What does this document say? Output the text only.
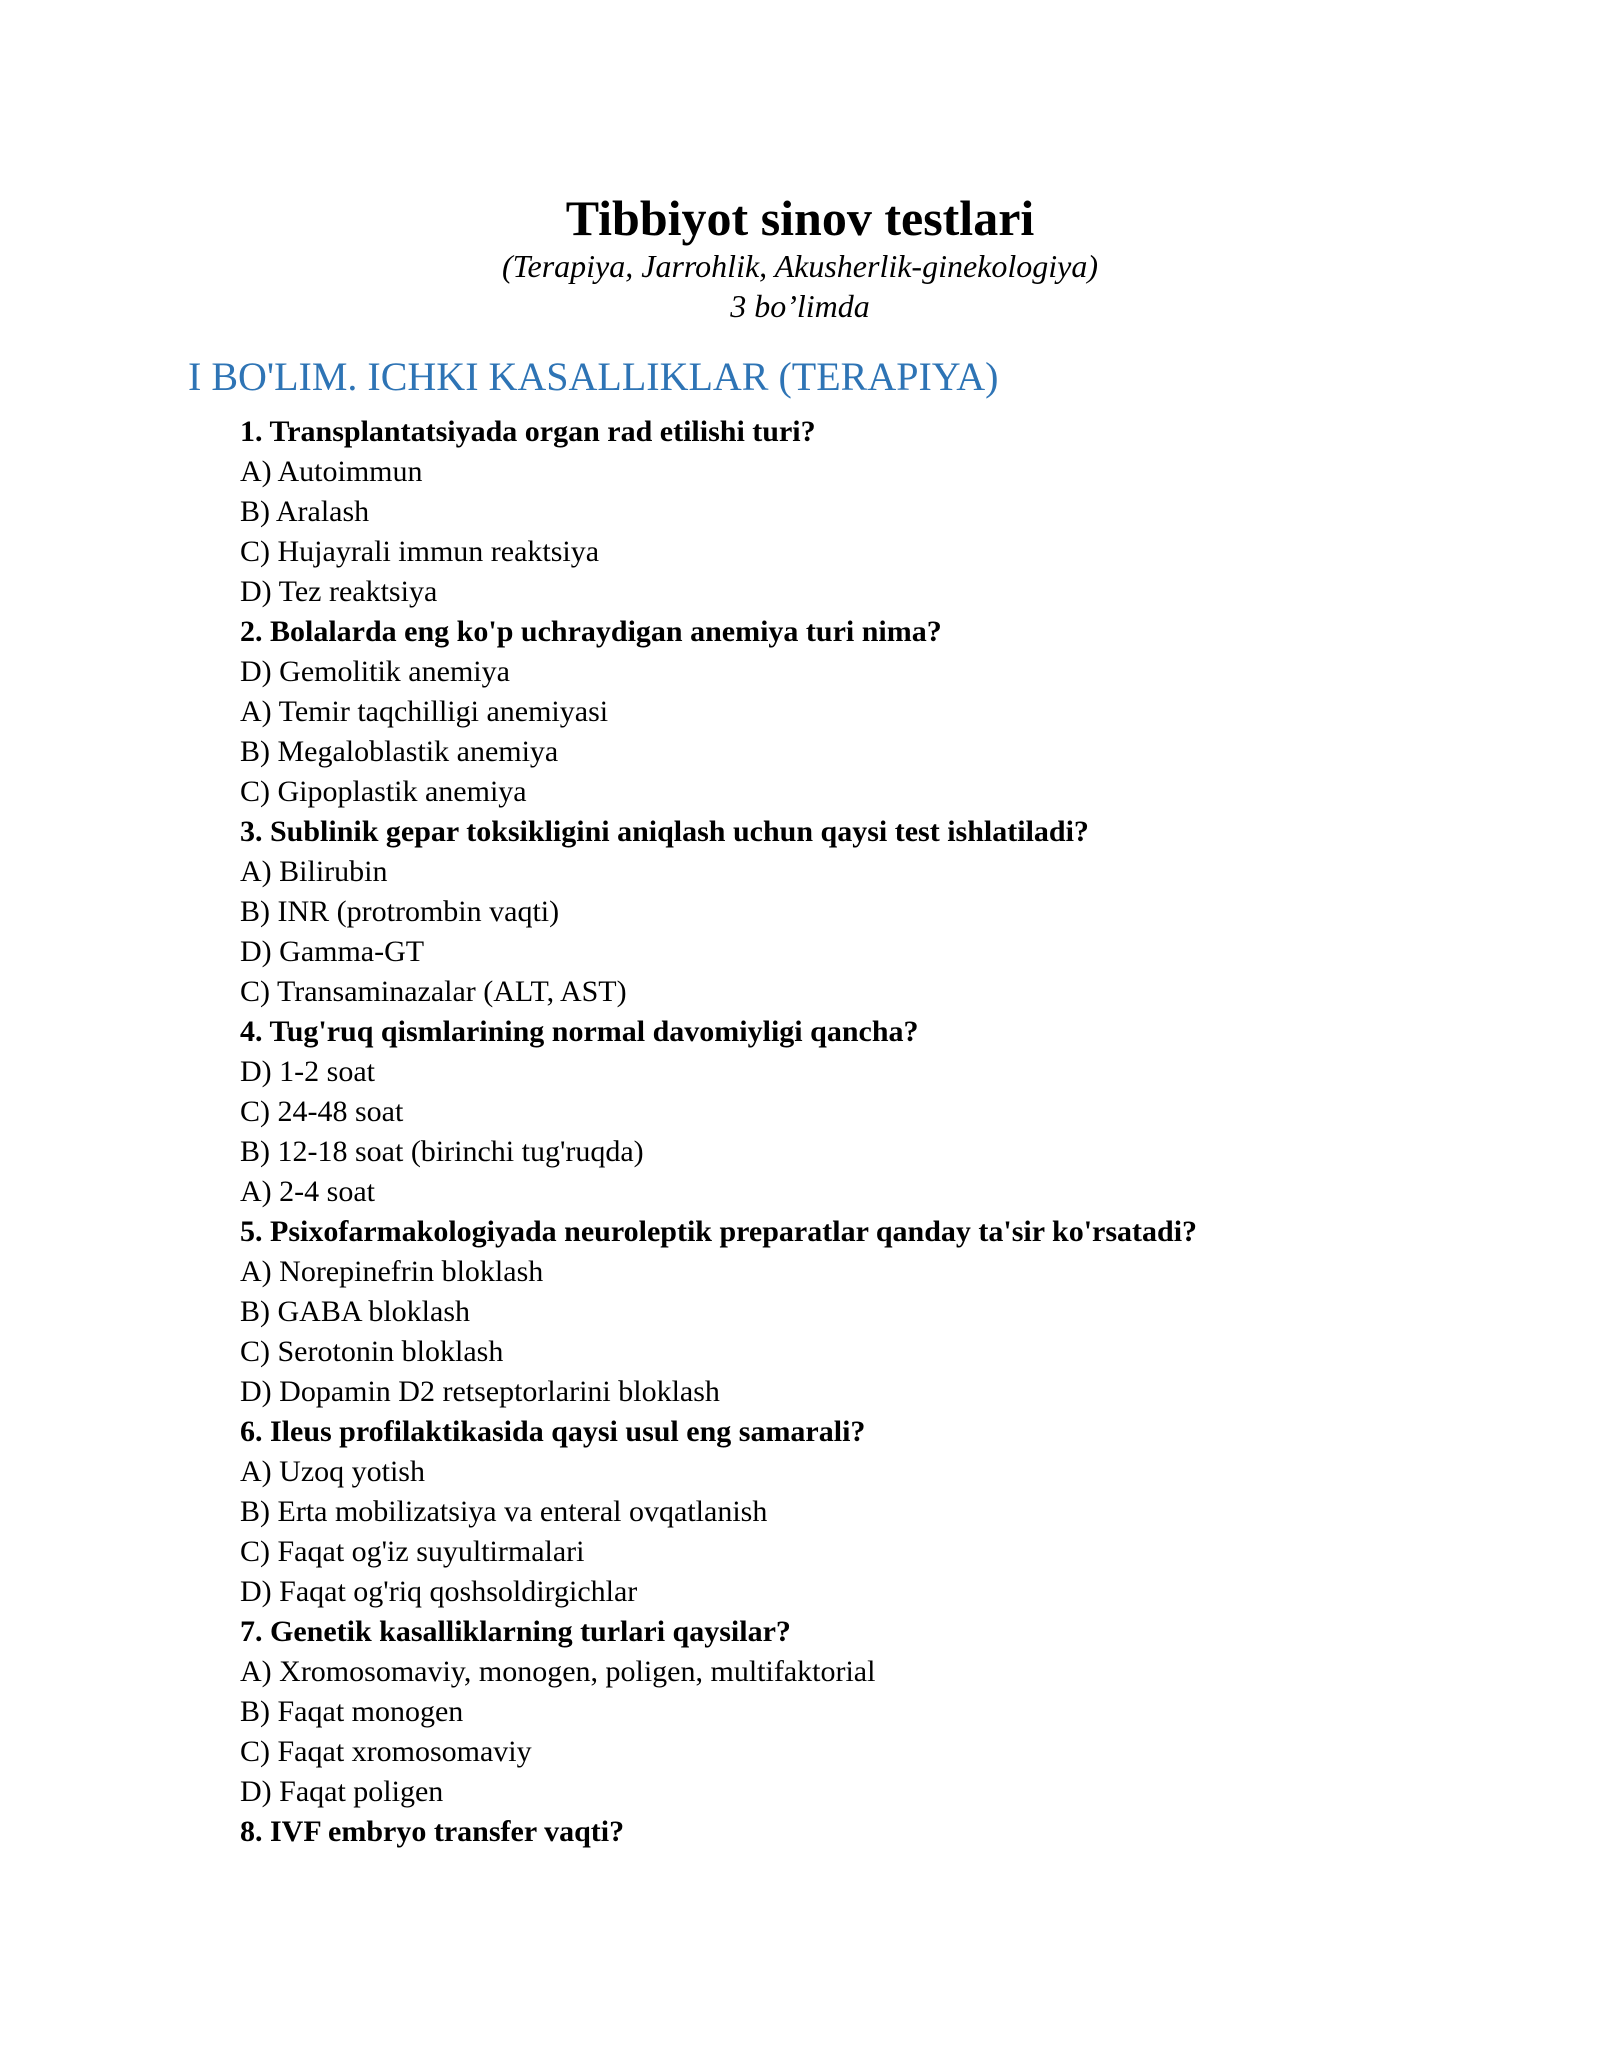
Tibbiyot sinov testlari
(Terapiya, Jarrohlik, Akusherlik-ginekologiya)
3 bo’limda
I BO'LIM. ICHKI KASALLIKLAR (TERAPIYA)
1. Transplantatsiyada organ rad etilishi turi?
A) Autoimmun
B) Aralash
C) Hujayrali immun reaktsiya
D) Tez reaktsiya
2. Bolalarda eng ko'p uchraydigan anemiya turi nima?
D) Gemolitik anemiya
A) Temir taqchilligi anemiyasi
B) Megaloblastik anemiya
C) Gipoplastik anemiya
3. Sublinik gepar toksikligini aniqlash uchun qaysi test ishlatiladi?
A) Bilirubin
B) INR (protrombin vaqti)
D) Gamma-GT
C) Transaminazalar (ALT, AST)
4. Tug'ruq qismlarining normal davomiyligi qancha?
D) 1-2 soat
C) 24-48 soat
B) 12-18 soat (birinchi tug'ruqda)
A) 2-4 soat
5. Psixofarmakologiyada neuroleptik preparatlar qanday ta'sir ko'rsatadi?
A) Norepinefrin bloklash
B) GABA bloklash
C) Serotonin bloklash
D) Dopamin D2 retseptorlarini bloklash
6. Ileus profilaktikasida qaysi usul eng samarali?
A) Uzoq yotish
B) Erta mobilizatsiya va enteral ovqatlanish
C) Faqat og'iz suyultirmalari
D) Faqat og'riq qoshsoldirgichlar
7. Genetik kasalliklarning turlari qaysilar?
A) Xromosomaviy, monogen, poligen, multifaktorial
B) Faqat monogen
C) Faqat xromosomaviy
D) Faqat poligen
8. IVF embryo transfer vaqti?
